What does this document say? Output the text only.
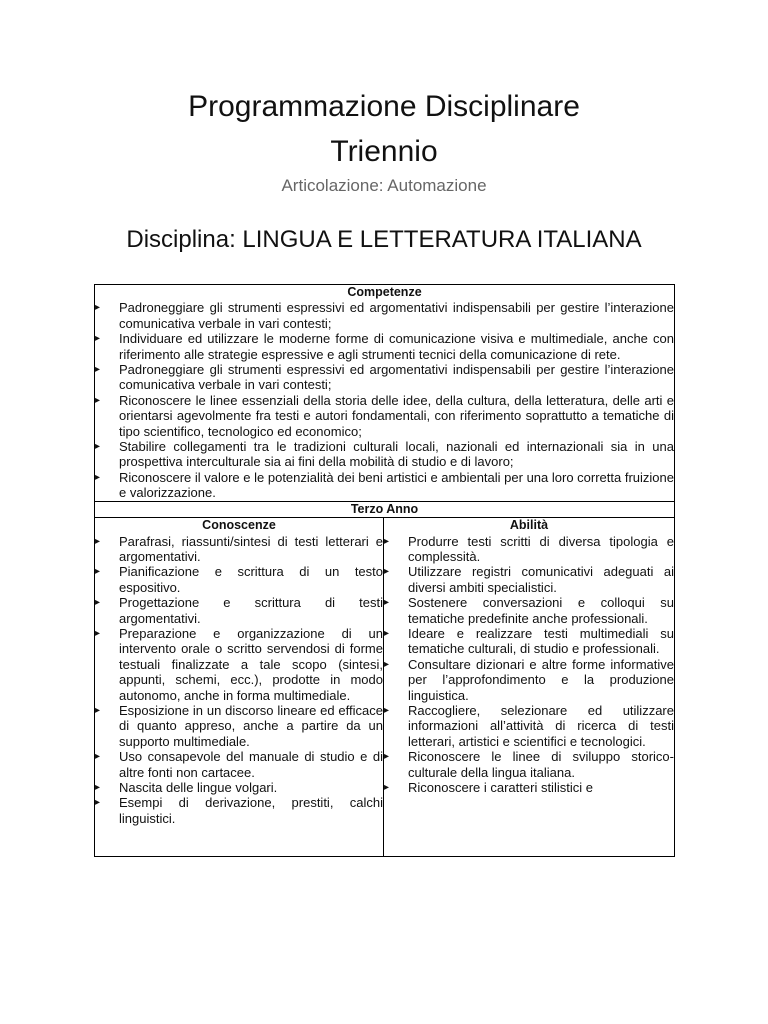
Programmazione Disciplinare
Triennio
Articolazione: Automazione
Disciplina: LINGUA E LETTERATURA ITALIANA
Competenze
▸ Padroneggiare gli strumenti espressivi ed argomentativi indispensabili per gestire l’interazione comunicativa verbale in vari contesti;
▸ Individuare ed utilizzare le moderne forme di comunicazione visiva e multimediale, anche con riferimento alle strategie espressive e agli strumenti tecnici della comunicazione di rete.
▸ Padroneggiare gli strumenti espressivi ed argomentativi indispensabili per gestire l’interazione comunicativa verbale in vari contesti;
▸ Riconoscere le linee essenziali della storia delle idee, della cultura, della letteratura, delle arti e orientarsi agevolmente fra testi e autori fondamentali, con riferimento soprattutto a tematiche di tipo scientifico, tecnologico ed economico;
▸ Stabilire collegamenti tra le tradizioni culturali locali, nazionali ed internazionali sia in una prospettiva interculturale sia ai fini della mobilità di studio e di lavoro;
▸ Riconoscere il valore e le potenzialità dei beni artistici e ambientali per una loro corretta fruizione e valorizzazione.

Terzo Anno

Conoscenze
▸ Parafrasi, riassunti/sintesi di testi letterari e argomentativi.
▸ Pianificazione e scrittura di un testo espositivo.
▸ Progettazione e scrittura di testi argomentativi.
▸ Preparazione e organizzazione di un intervento orale o scritto servendosi di forme testuali finalizzate a tale scopo (sintesi, appunti, schemi, ecc.), prodotte in modo autonomo, anche in forma multimediale.
▸ Esposizione in un discorso lineare ed efficace di quanto appreso, anche a partire da un supporto multimediale.
▸ Uso consapevole del manuale di studio e di altre fonti non cartacee.
▸ Nascita delle lingue volgari.
▸ Esempi di derivazione, prestiti, calchi linguistici.

Abilità
▸ Produrre testi scritti di diversa tipologia e complessità.
▸ Utilizzare registri comunicativi adeguati ai diversi ambiti specialistici.
▸ Sostenere conversazioni e colloqui su tematiche predefinite anche professionali.
▸ Ideare e realizzare testi multimediali su tematiche culturali, di studio e professionali.
▸ Consultare dizionari e altre forme informative per l’approfondimento e la produzione linguistica.
▸ Raccogliere, selezionare ed utilizzare informazioni all’attività di ricerca di testi letterari, artistici e scientifici e tecnologici.
▸ Riconoscere le linee di sviluppo storico-culturale della lingua italiana.
▸ Riconoscere i caratteri stilistici e
